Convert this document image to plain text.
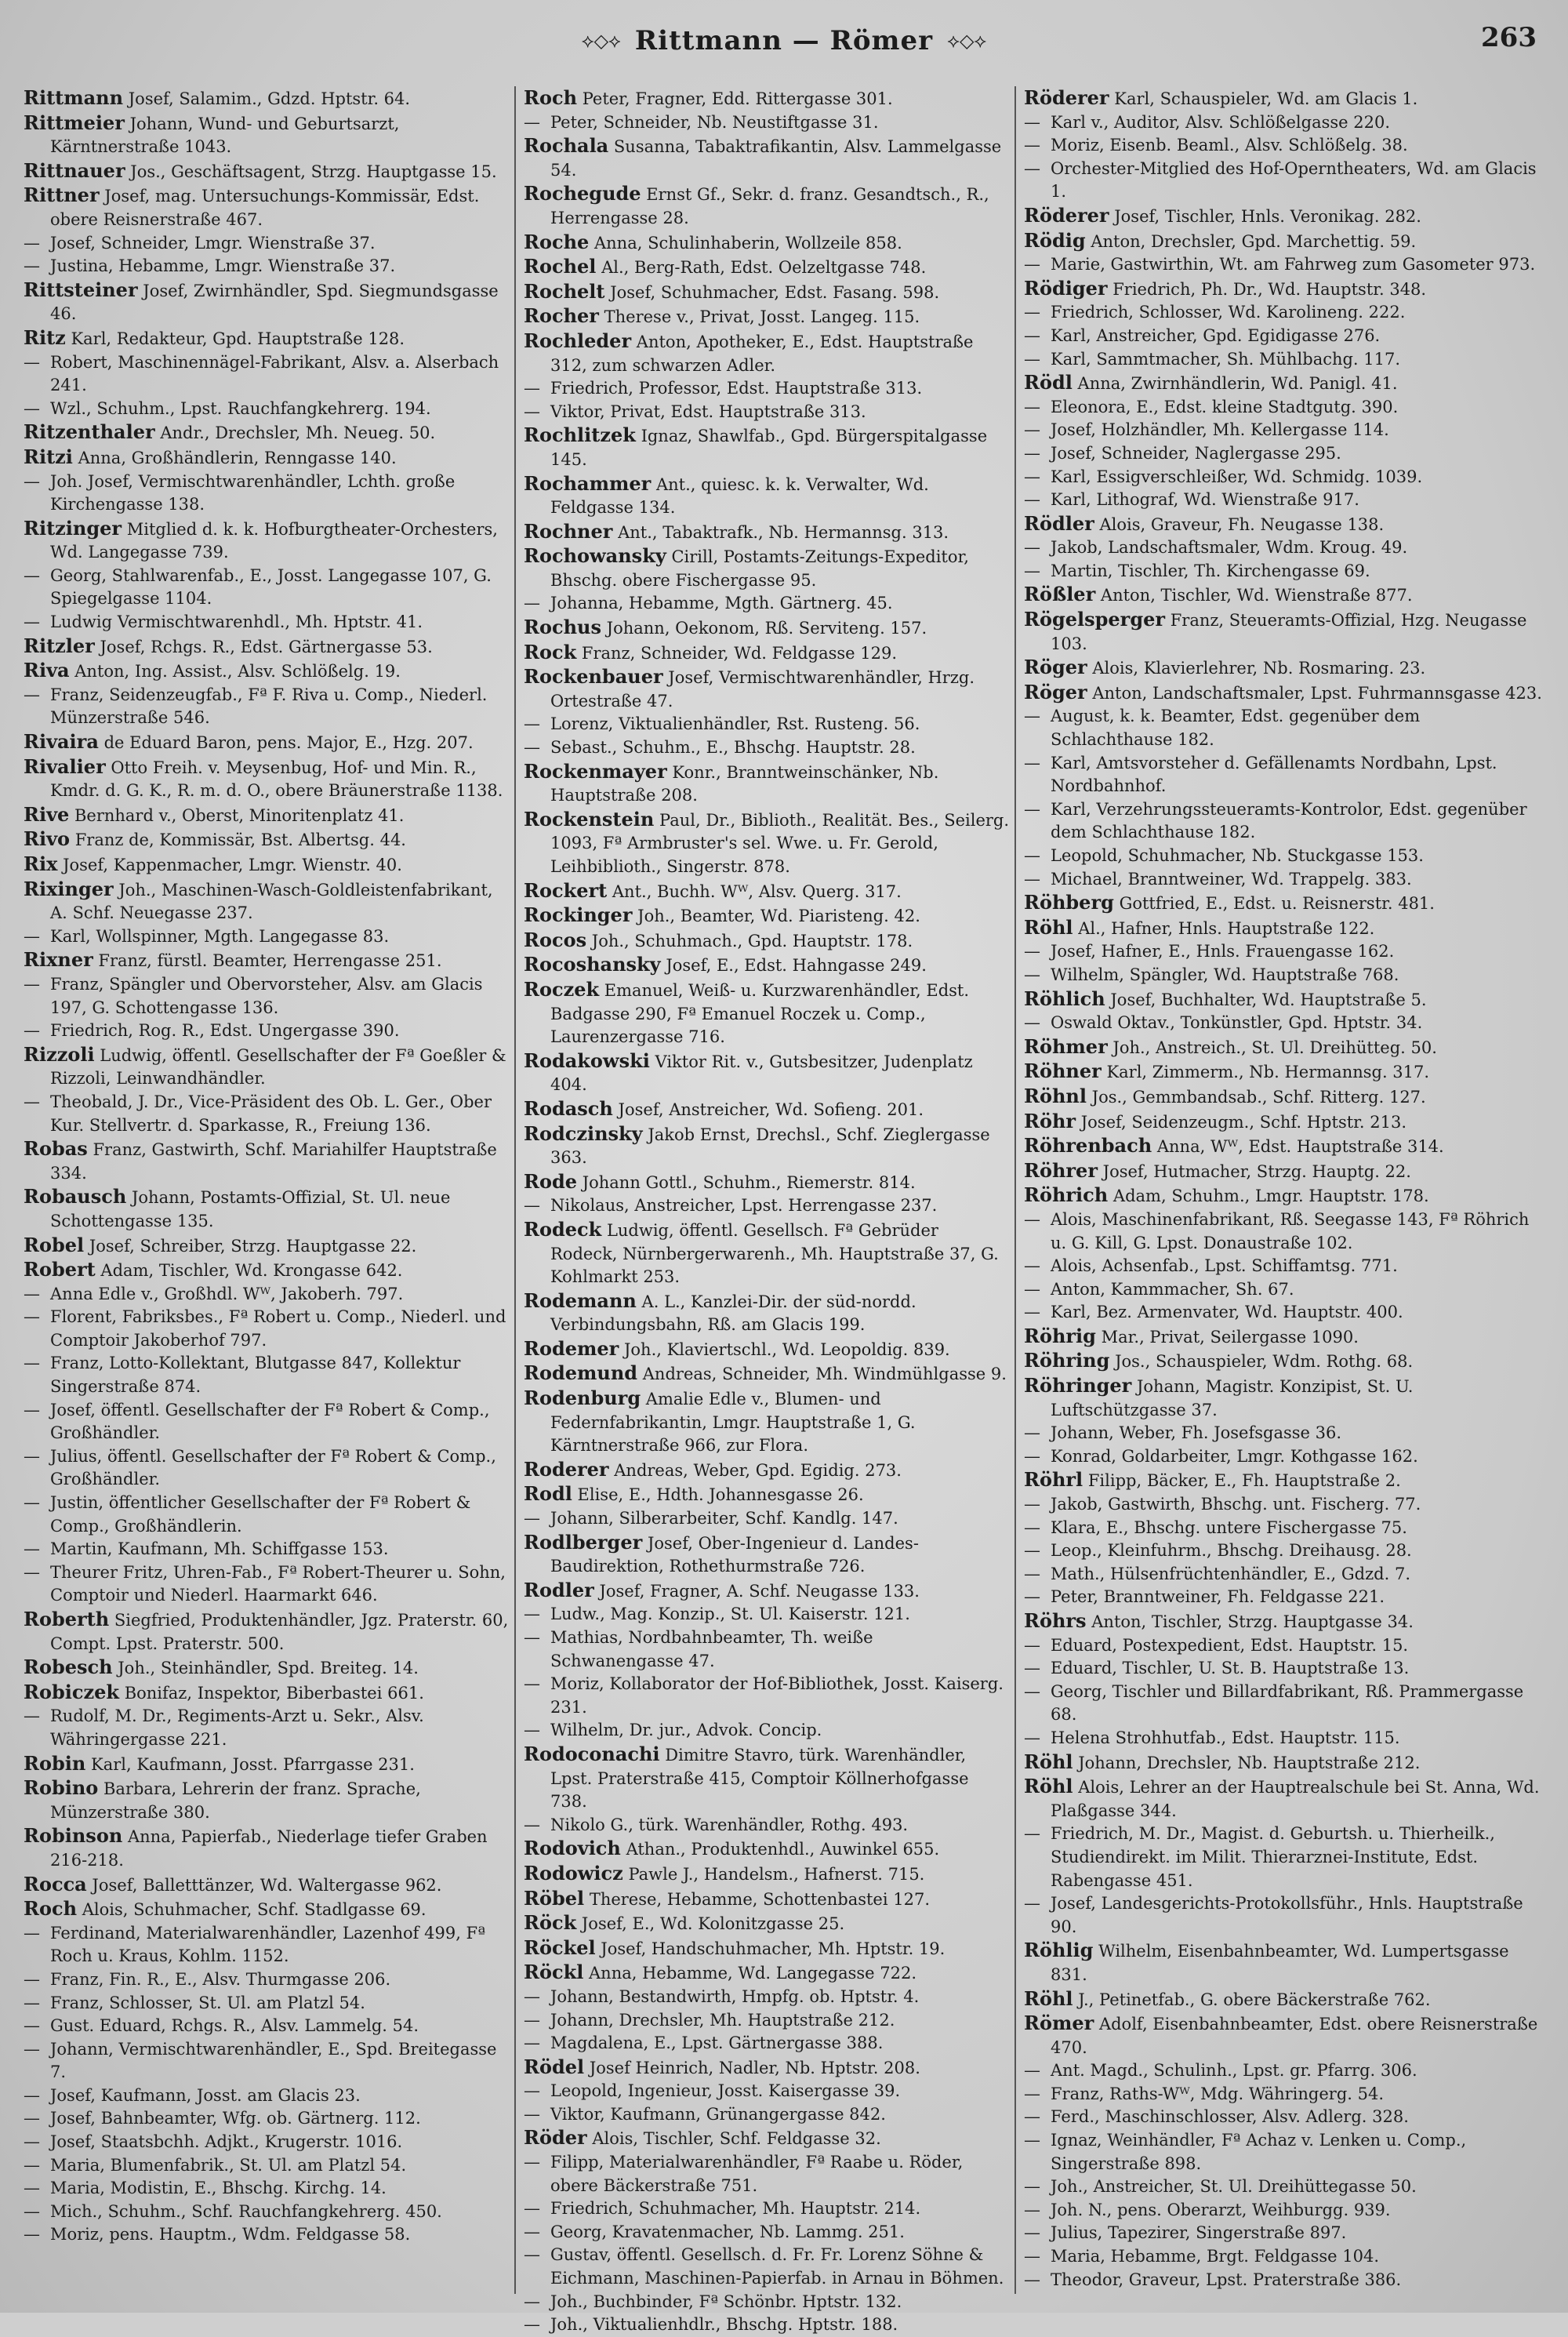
⟡◇⟡ Rittmann — Römer ⟡◇⟡	263

Rittmann Josef, Salamim., Gdzd. Hptstr. 64.

Rittmeier Johann, Wund- und Geburtsarzt, Kärntnerstraße 1043.

Rittnauer Jos., Geschäftsagent, Strzg. Hauptgasse 15.

Rittner Josef, mag. Untersuchungs-Kommissär, Edst. obere Reisnerstraße 467.

— Josef, Schneider, Lmgr. Wienstraße 37.

— Justina, Hebamme, Lmgr. Wienstraße 37.

Rittsteiner Josef, Zwirnhändler, Spd. Siegmundsgasse 46.

Ritz Karl, Redakteur, Gpd. Hauptstraße 128.

— Robert, Maschinennägel-Fabrikant, Alsv. a. Alserbach 241.

— Wzl., Schuhm., Lpst. Rauchfangkehrerg. 194.

Ritzenthaler Andr., Drechsler, Mh. Neueg. 50.

Ritzi Anna, Großhändlerin, Renngasse 140.

— Joh. Josef, Vermischtwarenhändler, Lchth. große Kirchengasse 138.

Ritzinger Mitglied d. k. k. Hofburgtheater-Orchesters, Wd. Langegasse 739.

— Georg, Stahlwarenfab., E., Josst. Langegasse 107, G. Spiegelgasse 1104.

— Ludwig Vermischtwarenhdl., Mh. Hptstr. 41.

Ritzler Josef, Rchgs. R., Edst. Gärtnergasse 53.

Riva Anton, Ing. Assist., Alsv. Schlößelg. 19.

— Franz, Seidenzeugfab., Fª F. Riva u. Comp., Niederl. Münzerstraße 546.

Rivaira de Eduard Baron, pens. Major, E., Hzg. 207.

Rivalier Otto Freih. v. Meysenbug, Hof- und Min. R., Kmdr. d. G. K., R. m. d. O., obere Bräunerstraße 1138.

Rive Bernhard v., Oberst, Minoritenplatz 41.

Rivo Franz de, Kommissär, Bst. Albertsg. 44.

Rix Josef, Kappenmacher, Lmgr. Wienstr. 40.

Rixinger Joh., Maschinen-Wasch-Goldleistenfabrikant, A. Schf. Neuegasse 237.

— Karl, Wollspinner, Mgth. Langegasse 83.

Rixner Franz, fürstl. Beamter, Herrengasse 251.

— Franz, Spängler und Obervorsteher, Alsv. am Glacis 197, G. Schottengasse 136.

— Friedrich, Rog. R., Edst. Ungergasse 390.

Rizzoli Ludwig, öffentl. Gesellschafter der Fª Goeßler & Rizzoli, Leinwandhändler.

— Theobald, J. Dr., Vice-Präsident des Ob. L. Ger., Ober Kur. Stellvertr. d. Sparkasse, R., Freiung 136.

Robas Franz, Gastwirth, Schf. Mariahilfer Hauptstraße 334.

Robausch Johann, Postamts-Offizial, St. Ul. neue Schottengasse 135.

Robel Josef, Schreiber, Strzg. Hauptgasse 22.

Robert Adam, Tischler, Wd. Krongasse 642.

— Anna Edle v., Großhdl. Wᵂ, Jakoberh. 797.

— Florent, Fabriksbes., Fª Robert u. Comp., Niederl. und Comptoir Jakoberhof 797.

— Franz, Lotto-Kollektant, Blutgasse 847, Kollektur Singerstraße 874.

— Josef, öffentl. Gesellschafter der Fª Robert & Comp., Großhändler.

— Julius, öffentl. Gesellschafter der Fª Robert & Comp., Großhändler.

— Justin, öffentlicher Gesellschafter der Fª Robert & Comp., Großhändlerin.

— Martin, Kaufmann, Mh. Schiffgasse 153.

— Theurer Fritz, Uhren-Fab., Fª Robert-Theurer u. Sohn, Comptoir und Niederl. Haarmarkt 646.

Roberth Siegfried, Produktenhändler, Jgz. Praterstr. 60, Compt. Lpst. Praterstr. 500.

Robesch Joh., Steinhändler, Spd. Breiteg. 14.

Robiczek Bonifaz, Inspektor, Biberbastei 661.

— Rudolf, M. Dr., Regiments-Arzt u. Sekr., Alsv. Währingergasse 221.

Robin Karl, Kaufmann, Josst. Pfarrgasse 231.

Robino Barbara, Lehrerin der franz. Sprache, Münzerstraße 380.

Robinson Anna, Papierfab., Niederlage tiefer Graben 216-218.

Rocca Josef, Balletttänzer, Wd. Waltergasse 962.

Roch Alois, Schuhmacher, Schf. Stadlgasse 69.

— Ferdinand, Materialwarenhändler, Lazenhof 499, Fª Roch u. Kraus, Kohlm. 1152.

— Franz, Fin. R., E., Alsv. Thurmgasse 206.

— Franz, Schlosser, St. Ul. am Platzl 54.

— Gust. Eduard, Rchgs. R., Alsv. Lammelg. 54.

— Johann, Vermischtwarenhändler, E., Spd. Breitegasse 7.

— Josef, Kaufmann, Josst. am Glacis 23.

— Josef, Bahnbeamter, Wfg. ob. Gärtnerg. 112.

— Josef, Staatsbchh. Adjkt., Krugerstr. 1016.

— Maria, Blumenfabrik., St. Ul. am Platzl 54.

— Maria, Modistin, E., Bhschg. Kirchg. 14.

— Mich., Schuhm., Schf. Rauchfangkehrerg. 450.

— Moriz, pens. Hauptm., Wdm. Feldgasse 58.

Roch Peter, Fragner, Edd. Rittergasse 301.

— Peter, Schneider, Nb. Neustiftgasse 31.

Rochala Susanna, Tabaktrafikantin, Alsv. Lammelgasse 54.

Rochegude Ernst Gf., Sekr. d. franz. Gesandtsch., R., Herrengasse 28.

Roche Anna, Schulinhaberin, Wollzeile 858.

Rochel Al., Berg-Rath, Edst. Oelzeltgasse 748.

Rochelt Josef, Schuhmacher, Edst. Fasang. 598.

Rocher Therese v., Privat, Josst. Langeg. 115.

Rochleder Anton, Apotheker, E., Edst. Hauptstraße 312, zum schwarzen Adler.

— Friedrich, Professor, Edst. Hauptstraße 313.

— Viktor, Privat, Edst. Hauptstraße 313.

Rochlitzek Ignaz, Shawlfab., Gpd. Bürgerspitalgasse 145.

Rochammer Ant., quiesc. k. k. Verwalter, Wd. Feldgasse 134.

Rochner Ant., Tabaktrafk., Nb. Hermannsg. 313.

Rochowansky Cirill, Postamts-Zeitungs-Expeditor, Bhschg. obere Fischergasse 95.

— Johanna, Hebamme, Mgth. Gärtnerg. 45.

Rochus Johann, Oekonom, Rß. Serviteng. 157.

Rock Franz, Schneider, Wd. Feldgasse 129.

Rockenbauer Josef, Vermischtwarenhändler, Hrzg. Ortestraße 47.

— Lorenz, Viktualienhändler, Rst. Rusteng. 56.

— Sebast., Schuhm., E., Bhschg. Hauptstr. 28.

Rockenmayer Konr., Branntweinschänker, Nb. Hauptstraße 208.

Rockenstein Paul, Dr., Biblioth., Realität. Bes., Seilerg. 1093, Fª Armbruster's sel. Wwe. u. Fr. Gerold, Leihbiblioth., Singerstr. 878.

Rockert Ant., Buchh. Wᵂ, Alsv. Querg. 317.

Rockinger Joh., Beamter, Wd. Piaristeng. 42.

Rocos Joh., Schuhmach., Gpd. Hauptstr. 178.

Rocoshansky Josef, E., Edst. Hahngasse 249.

Roczek Emanuel, Weiß- u. Kurzwarenhändler, Edst. Badgasse 290, Fª Emanuel Roczek u. Comp., Laurenzergasse 716.

Rodakowski Viktor Rit. v., Gutsbesitzer, Judenplatz 404.

Rodasch Josef, Anstreicher, Wd. Sofieng. 201.

Rodczinsky Jakob Ernst, Drechsl., Schf. Zieglergasse 363.

Rode Johann Gottl., Schuhm., Riemerstr. 814.

— Nikolaus, Anstreicher, Lpst. Herrengasse 237.

Rodeck Ludwig, öffentl. Gesellsch. Fª Gebrüder Rodeck, Nürnbergerwarenh., Mh. Hauptstraße 37, G. Kohlmarkt 253.

Rodemann A. L., Kanzlei-Dir. der süd-nordd. Verbindungsbahn, Rß. am Glacis 199.

Rodemer Joh., Klaviertschl., Wd. Leopoldig. 839.

Rodemund Andreas, Schneider, Mh. Windmühlgasse 9.

Rodenburg Amalie Edle v., Blumen- und Federnfabrikantin, Lmgr. Hauptstraße 1, G. Kärntnerstraße 966, zur Flora.

Roderer Andreas, Weber, Gpd. Egidig. 273.

Rodl Elise, E., Hdth. Johannesgasse 26.

— Johann, Silberarbeiter, Schf. Kandlg. 147.

Rodlberger Josef, Ober-Ingenieur d. Landes-Baudirektion, Rothethurmstraße 726.

Rodler Josef, Fragner, A. Schf. Neugasse 133.

— Ludw., Mag. Konzip., St. Ul. Kaiserstr. 121.

— Mathias, Nordbahnbeamter, Th. weiße Schwanengasse 47.

— Moriz, Kollaborator der Hof-Bibliothek, Josst. Kaiserg. 231.

— Wilhelm, Dr. jur., Advok. Concip.

Rodoconachi Dimitre Stavro, türk. Warenhändler, Lpst. Praterstraße 415, Comptoir Köllnerhofgasse 738.

— Nikolo G., türk. Warenhändler, Rothg. 493.

Rodovich Athan., Produktenhdl., Auwinkel 655.

Rodowicz Pawle J., Handelsm., Hafnerst. 715.

Röbel Therese, Hebamme, Schottenbastei 127.

Röck Josef, E., Wd. Kolonitzgasse 25.

Röckel Josef, Handschuhmacher, Mh. Hptstr. 19.

Röckl Anna, Hebamme, Wd. Langegasse 722.

— Johann, Bestandwirth, Hmpfg. ob. Hptstr. 4.

— Johann, Drechsler, Mh. Hauptstraße 212.

— Magdalena, E., Lpst. Gärtnergasse 388.

Rödel Josef Heinrich, Nadler, Nb. Hptstr. 208.

— Leopold, Ingenieur, Josst. Kaisergasse 39.

— Viktor, Kaufmann, Grünangergasse 842.

Röder Alois, Tischler, Schf. Feldgasse 32.

— Filipp, Materialwarenhändler, Fª Raabe u. Röder, obere Bäckerstraße 751.

— Friedrich, Schuhmacher, Mh. Hauptstr. 214.

— Georg, Kravatenmacher, Nb. Lammg. 251.

— Gustav, öffentl. Gesellsch. d. Fr. Fr. Lorenz Söhne & Eichmann, Maschinen-Papierfab. in Arnau in Böhmen.

— Joh., Buchbinder, Fª Schönbr. Hptstr. 132.

— Joh., Viktualienhdlr., Bhschg. Hptstr. 188.

Röderer Karl, Schauspieler, Wd. am Glacis 1.

— Karl v., Auditor, Alsv. Schlößelgasse 220.

— Moriz, Eisenb. Beaml., Alsv. Schlößelg. 38.

— Orchester-Mitglied des Hof-Operntheaters, Wd. am Glacis 1.

Röderer Josef, Tischler, Hnls. Veronikag. 282.

Rödig Anton, Drechsler, Gpd. Marchettig. 59.

— Marie, Gastwirthin, Wt. am Fahrweg zum Gasometer 973.

Rödiger Friedrich, Ph. Dr., Wd. Hauptstr. 348.

— Friedrich, Schlosser, Wd. Karolineng. 222.

— Karl, Anstreicher, Gpd. Egidigasse 276.

— Karl, Sammtmacher, Sh. Mühlbachg. 117.

Rödl Anna, Zwirnhändlerin, Wd. Panigl. 41.

— Eleonora, E., Edst. kleine Stadtgutg. 390.

— Josef, Holzhändler, Mh. Kellergasse 114.

— Josef, Schneider, Naglergasse 295.

— Karl, Essigverschleißer, Wd. Schmidg. 1039.

— Karl, Lithograf, Wd. Wienstraße 917.

Rödler Alois, Graveur, Fh. Neugasse 138.

— Jakob, Landschaftsmaler, Wdm. Kroug. 49.

— Martin, Tischler, Th. Kirchengasse 69.

Rößler Anton, Tischler, Wd. Wienstraße 877.

Rögelsperger Franz, Steueramts-Offizial, Hzg. Neugasse 103.

Röger Alois, Klavierlehrer, Nb. Rosmaring. 23.

Röger Anton, Landschaftsmaler, Lpst. Fuhrmannsgasse 423.

— August, k. k. Beamter, Edst. gegenüber dem Schlachthause 182.

— Karl, Amtsvorsteher d. Gefällenamts Nordbahn, Lpst. Nordbahnhof.

— Karl, Verzehrungssteueramts-Kontrolor, Edst. gegenüber dem Schlachthause 182.

— Leopold, Schuhmacher, Nb. Stuckgasse 153.

— Michael, Branntweiner, Wd. Trappelg. 383.

Röhberg Gottfried, E., Edst. u. Reisnerstr. 481.

Röhl Al., Hafner, Hnls. Hauptstraße 122.

— Josef, Hafner, E., Hnls. Frauengasse 162.

— Wilhelm, Spängler, Wd. Hauptstraße 768.

Röhlich Josef, Buchhalter, Wd. Hauptstraße 5.

— Oswald Oktav., Tonkünstler, Gpd. Hptstr. 34.

Röhmer Joh., Anstreich., St. Ul. Dreihütteg. 50.

Röhner Karl, Zimmerm., Nb. Hermannsg. 317.

Röhnl Jos., Gemmbandsab., Schf. Ritterg. 127.

Röhr Josef, Seidenzeugm., Schf. Hptstr. 213.

Röhrenbach Anna, Wᵂ, Edst. Hauptstraße 314.

Röhrer Josef, Hutmacher, Strzg. Hauptg. 22.

Röhrich Adam, Schuhm., Lmgr. Hauptstr. 178.

— Alois, Maschinenfabrikant, Rß. Seegasse 143, Fª Röhrich u. G. Kill, G. Lpst. Donaustraße 102.

— Alois, Achsenfab., Lpst. Schiffamtsg. 771.

— Anton, Kammmacher, Sh. 67.

— Karl, Bez. Armenvater, Wd. Hauptstr. 400.

Röhrig Mar., Privat, Seilergasse 1090.

Röhring Jos., Schauspieler, Wdm. Rothg. 68.

Röhringer Johann, Magistr. Konzipist, St. U. Luftschützgasse 37.

— Johann, Weber, Fh. Josefsgasse 36.

— Konrad, Goldarbeiter, Lmgr. Kothgasse 162.

Röhrl Filipp, Bäcker, E., Fh. Hauptstraße 2.

— Jakob, Gastwirth, Bhschg. unt. Fischerg. 77.

— Klara, E., Bhschg. untere Fischergasse 75.

— Leop., Kleinfuhrm., Bhschg. Dreihausg. 28.

— Math., Hülsenfrüchtenhändler, E., Gdzd. 7.

— Peter, Branntweiner, Fh. Feldgasse 221.

Röhrs Anton, Tischler, Strzg. Hauptgasse 34.

— Eduard, Postexpedient, Edst. Hauptstr. 15.

— Eduard, Tischler, U. St. B. Hauptstraße 13.

— Georg, Tischler und Billardfabrikant, Rß. Prammergasse 68.

— Helena Strohhutfab., Edst. Hauptstr. 115.

Röhl Johann, Drechsler, Nb. Hauptstraße 212.

Röhl Alois, Lehrer an der Hauptrealschule bei St. Anna, Wd. Plaßgasse 344.

— Friedrich, M. Dr., Magist. d. Geburtsh. u. Thierheilk., Studiendirekt. im Milit. Thierarznei-Institute, Edst. Rabengasse 451.

— Josef, Landesgerichts-Protokollsführ., Hnls. Hauptstraße 90.

Röhlig Wilhelm, Eisenbahnbeamter, Wd. Lumpertsgasse 831.

Röhl J., Petinetfab., G. obere Bäckerstraße 762.

Römer Adolf, Eisenbahnbeamter, Edst. obere Reisnerstraße 470.

— Ant. Magd., Schulinh., Lpst. gr. Pfarrg. 306.

— Franz, Raths-Wᵂ, Mdg. Währingerg. 54.

— Ferd., Maschinschlosser, Alsv. Adlerg. 328.

— Ignaz, Weinhändler, Fª Achaz v. Lenken u. Comp., Singerstraße 898.

— Joh., Anstreicher, St. Ul. Dreihüttegasse 50.

— Joh. N., pens. Oberarzt, Weihburgg. 939.

— Julius, Tapezirer, Singerstraße 897.

— Maria, Hebamme, Brgt. Feldgasse 104.

— Theodor, Graveur, Lpst. Praterstraße 386.
